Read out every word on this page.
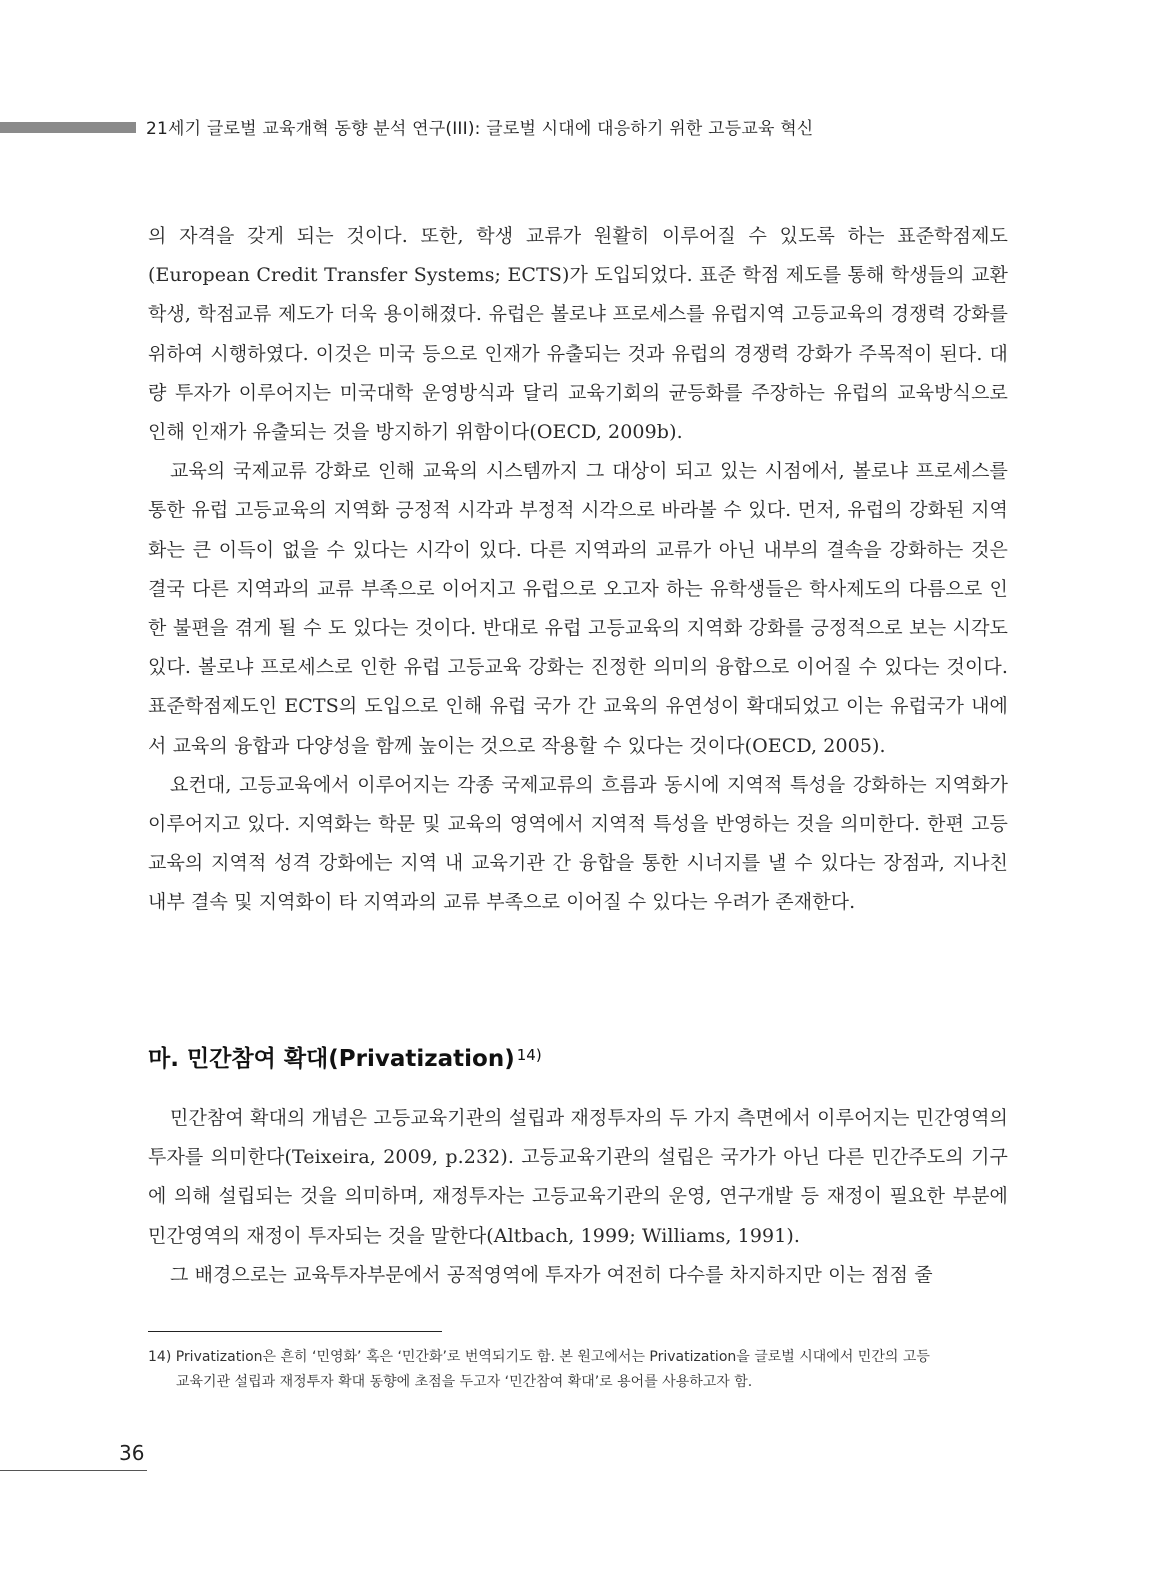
21세기 글로벌 교육개혁 동향 분석 연구(III): 글로벌 시대에 대응하기 위한 고등교육 혁신

의 자격을 갖게 되는 것이다. 또한, 학생 교류가 원활히 이루어질 수 있도록 하는 표준학점제도(European Credit Transfer Systems; ECTS)가 도입되었다. 표준 학점 제도를 통해 학생들의 교환학생, 학점교류 제도가 더욱 용이해졌다. 유럽은 볼로냐 프로세스를 유럽지역 고등교육의 경쟁력 강화를 위하여 시행하였다. 이것은 미국 등으로 인재가 유출되는 것과 유럽의 경쟁력 강화가 주목적이 된다. 대량 투자가 이루어지는 미국대학 운영방식과 달리 교육기회의 균등화를 주장하는 유럽의 교육방식으로 인해 인재가 유출되는 것을 방지하기 위함이다(OECD, 2009b).

교육의 국제교류 강화로 인해 교육의 시스템까지 그 대상이 되고 있는 시점에서, 볼로냐 프로세스를 통한 유럽 고등교육의 지역화 긍정적 시각과 부정적 시각으로 바라볼 수 있다. 먼저, 유럽의 강화된 지역화는 큰 이득이 없을 수 있다는 시각이 있다. 다른 지역과의 교류가 아닌 내부의 결속을 강화하는 것은 결국 다른 지역과의 교류 부족으로 이어지고 유럽으로 오고자 하는 유학생들은 학사제도의 다름으로 인한 불편을 겪게 될 수 도 있다는 것이다. 반대로 유럽 고등교육의 지역화 강화를 긍정적으로 보는 시각도 있다. 볼로냐 프로세스로 인한 유럽 고등교육 강화는 진정한 의미의 융합으로 이어질 수 있다는 것이다. 표준학점제도인 ECTS의 도입으로 인해 유럽 국가 간 교육의 유연성이 확대되었고 이는 유럽국가 내에서 교육의 융합과 다양성을 함께 높이는 것으로 작용할 수 있다는 것이다(OECD, 2005).

요컨대, 고등교육에서 이루어지는 각종 국제교류의 흐름과 동시에 지역적 특성을 강화하는 지역화가 이루어지고 있다. 지역화는 학문 및 교육의 영역에서 지역적 특성을 반영하는 것을 의미한다. 한편 고등교육의 지역적 성격 강화에는 지역 내 교육기관 간 융합을 통한 시너지를 낼 수 있다는 장점과, 지나친 내부 결속 및 지역화이 타 지역과의 교류 부족으로 이어질 수 있다는 우려가 존재한다.

마. 민간참여 확대(Privatization) $^{14)}$

민간참여 확대의 개념은 고등교육기관의 설립과 재정투자의 두 가지 측면에서 이루어지는 민간영역의 투자를 의미한다(Teixeira, 2009, p.232). 고등교육기관의 설립은 국가가 아닌 다른 민간주도의 기구에 의해 설립되는 것을 의미하며, 재정투자는 고등교육기관의 운영, 연구개발 등 재정이 필요한 부분에 민간영역의 재정이 투자되는 것을 말한다(Altbach, 1999; Williams, 1991).

그 배경으로는 교육투자부문에서 공적영역에 투자가 여전히 다수를 차지하지만 이는 점점 줄

14) Privatization은 흔히 ‘민영화’ 혹은 ‘민간화’로 번역되기도 함. 본 원고에서는 Privatization을 글로벌 시대에서 민간의 고등
교육기관 설립과 재정투자 확대 동향에 초점을 두고자 ‘민간참여 확대’로 용어를 사용하고자 함.
36
